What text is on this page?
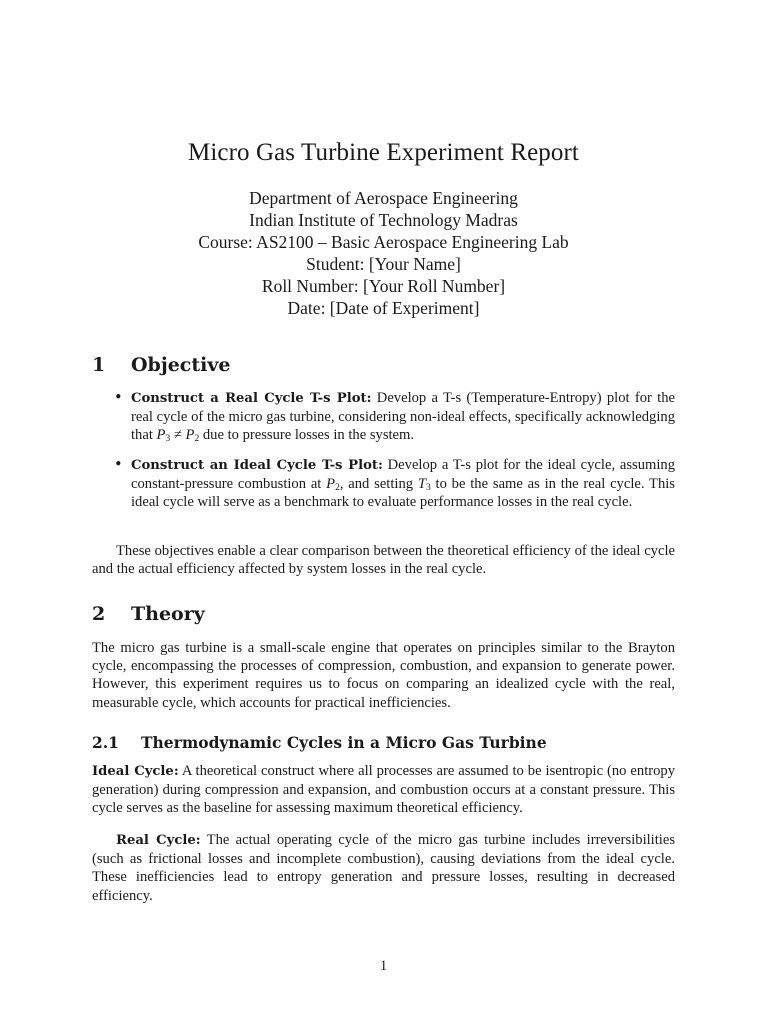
Micro Gas Turbine Experiment Report
Department of Aerospace Engineering
Indian Institute of Technology Madras
Course: AS2100 – Basic Aerospace Engineering Lab
Student: [Your Name]
Roll Number: [Your Roll Number]
Date: [Date of Experiment]
1 Objective
• Construct a Real Cycle T-s Plot: Develop a T-s (Temperature-Entropy) plot for the real cycle of the micro gas turbine, considering non-ideal effects, specifically acknowledging that $P_3 \ne P_2$ due to pressure losses in the system.

• Construct an Ideal Cycle T-s Plot: Develop a T-s plot for the ideal cycle, assuming constant-pressure combustion at $P_2$, and setting $T_3$ to be the same as in the real cycle. This ideal cycle will serve as a benchmark to evaluate performance losses in the real cycle.

These objectives enable a clear comparison between the theoretical efficiency of the ideal cycle and the actual efficiency affected by system losses in the real cycle.

2 Theory

The micro gas turbine is a small-scale engine that operates on principles similar to the Brayton cycle, encompassing the processes of compression, combustion, and expansion to generate power. However, this experiment requires us to focus on comparing an idealized cycle with the real, measurable cycle, which accounts for practical inefficiencies.

2.1 Thermodynamic Cycles in a Micro Gas Turbine

Ideal Cycle: A theoretical construct where all processes are assumed to be isentropic (no entropy generation) during compression and expansion, and combustion occurs at a constant pressure. This cycle serves as the baseline for assessing maximum theoretical efficiency.

Real Cycle: The actual operating cycle of the micro gas turbine includes irreversibilities (such as frictional losses and incomplete combustion), causing deviations from the ideal cycle. These inefficiencies lead to entropy generation and pressure losses, resulting in decreased efficiency.

1
